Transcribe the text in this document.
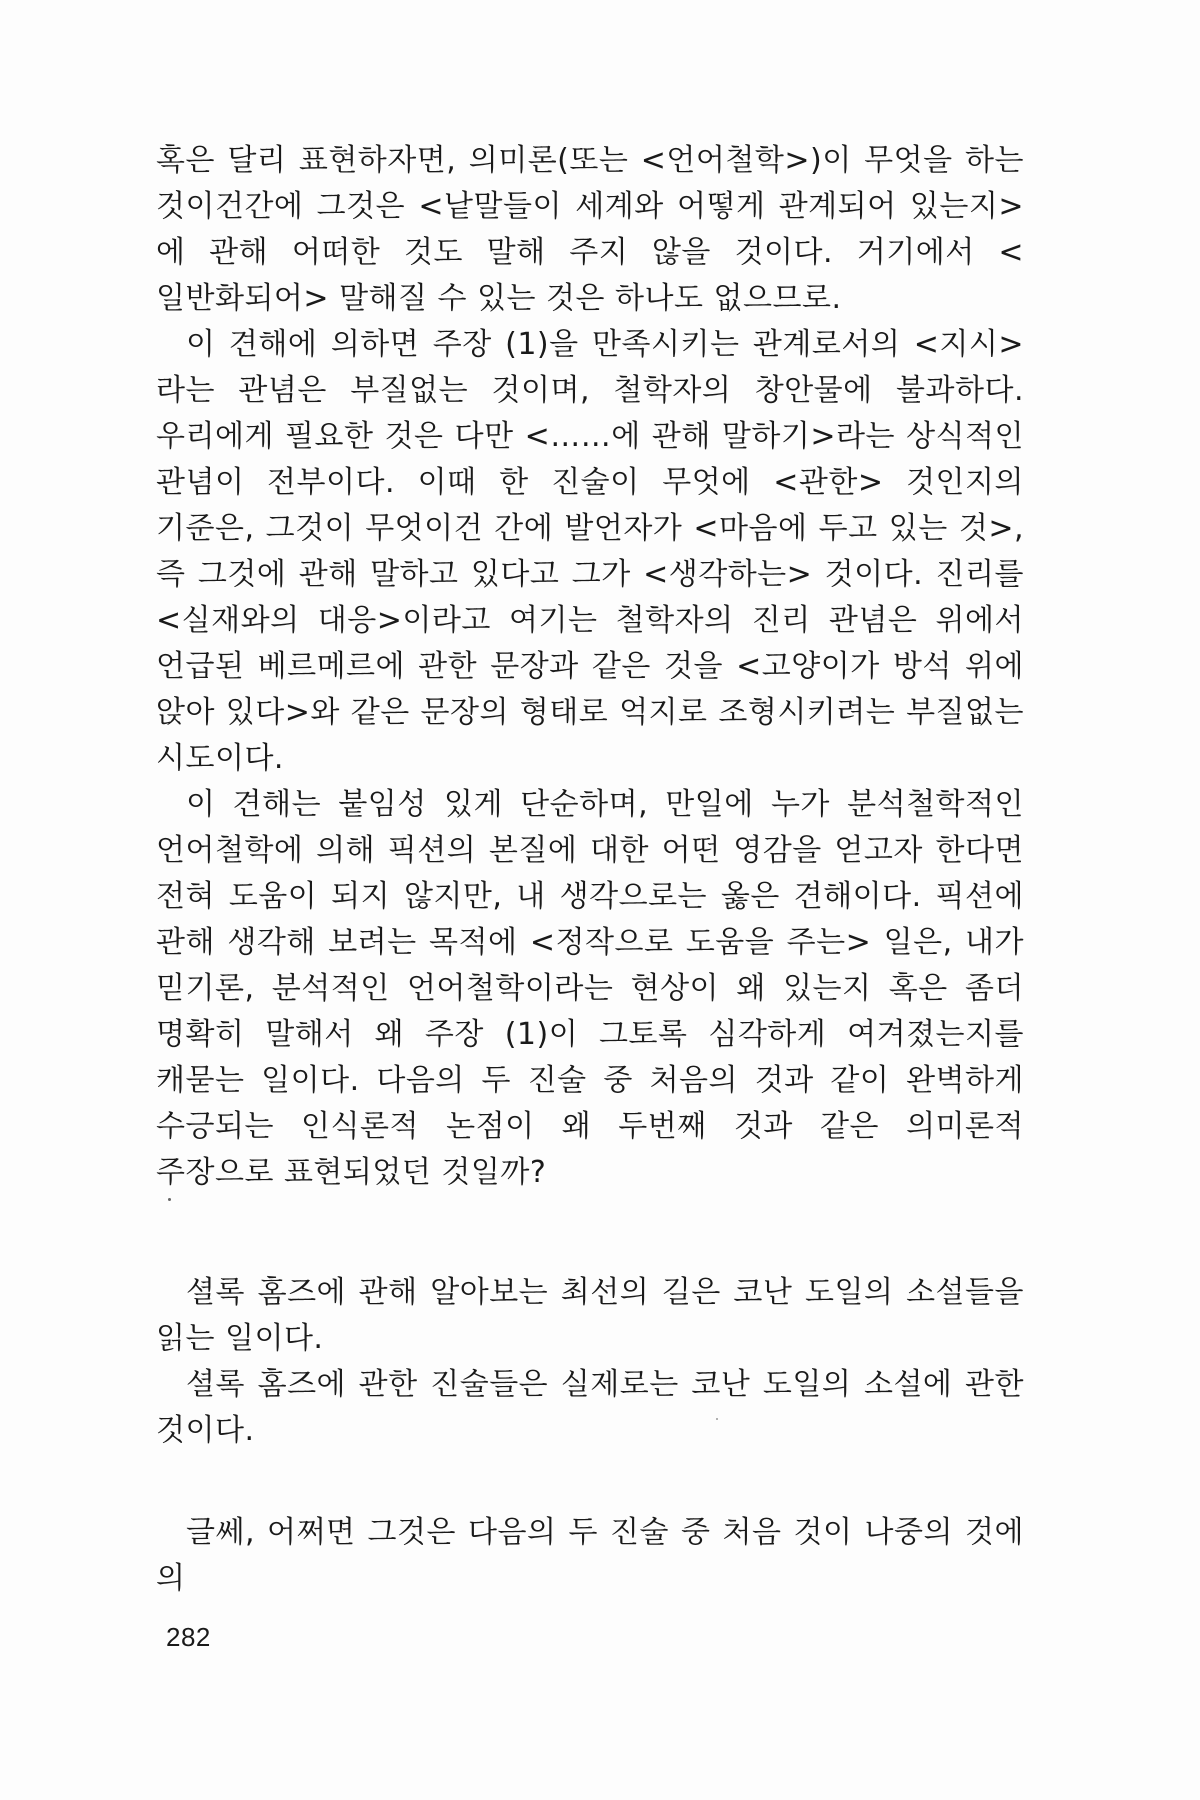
혹은 달리 표현하자면, 의미론(또는 <언어철학>)이 무엇을 하는 것이건간에 그것은 <낱말들이 세계와 어떻게 관계되어 있는지>에 관해 어떠한 것도 말해 주지 않을 것이다. 거기에서 <일반화되어> 말해질 수 있는 것은 하나도 없으므로.

이 견해에 의하면 주장 (1)을 만족시키는 관계로서의 <지시>라는 관념은 부질없는 것이며, 철학자의 창안물에 불과하다. 우리에게 필요한 것은 다만 <……에 관해 말하기>라는 상식적인 관념이 전부이다. 이때 한 진술이 무엇에 <관한> 것인지의 기준은, 그것이 무엇이건 간에 발언자가 <마음에 두고 있는 것>, 즉 그것에 관해 말하고 있다고 그가 <생각하는> 것이다. 진리를 <실재와의 대응>이라고 여기는 철학자의 진리 관념은 위에서 언급된 베르메르에 관한 문장과 같은 것을 <고양이가 방석 위에 앉아 있다>와 같은 문장의 형태로 억지로 조형시키려는 부질없는 시도이다.

이 견해는 붙임성 있게 단순하며, 만일에 누가 분석철학적인 언어철학에 의해 픽션의 본질에 대한 어떤 영감을 얻고자 한다면 전혀 도움이 되지 않지만, 내 생각으로는 옳은 견해이다. 픽션에 관해 생각해 보려는 목적에 <정작으로 도움을 주는> 일은, 내가 믿기론, 분석적인 언어철학이라는 현상이 왜 있는지 혹은 좀더 명확히 말해서 왜 주장 (1)이 그토록 심각하게 여겨졌는지를 캐묻는 일이다. 다음의 두 진술 중 처음의 것과 같이 완벽하게 수긍되는 인식론적 논점이 왜 두번째 것과 같은 의미론적 주장으로 표현되었던 것일까?

셜록 홈즈에 관해 알아보는 최선의 길은 코난 도일의 소설들을 읽는 일이다.

셜록 홈즈에 관한 진술들은 실제로는 코난 도일의 소설에 관한 것이다.

글쎄, 어쩌면 그것은 다음의 두 진술 중 처음 것이 나중의 것에 의

282
